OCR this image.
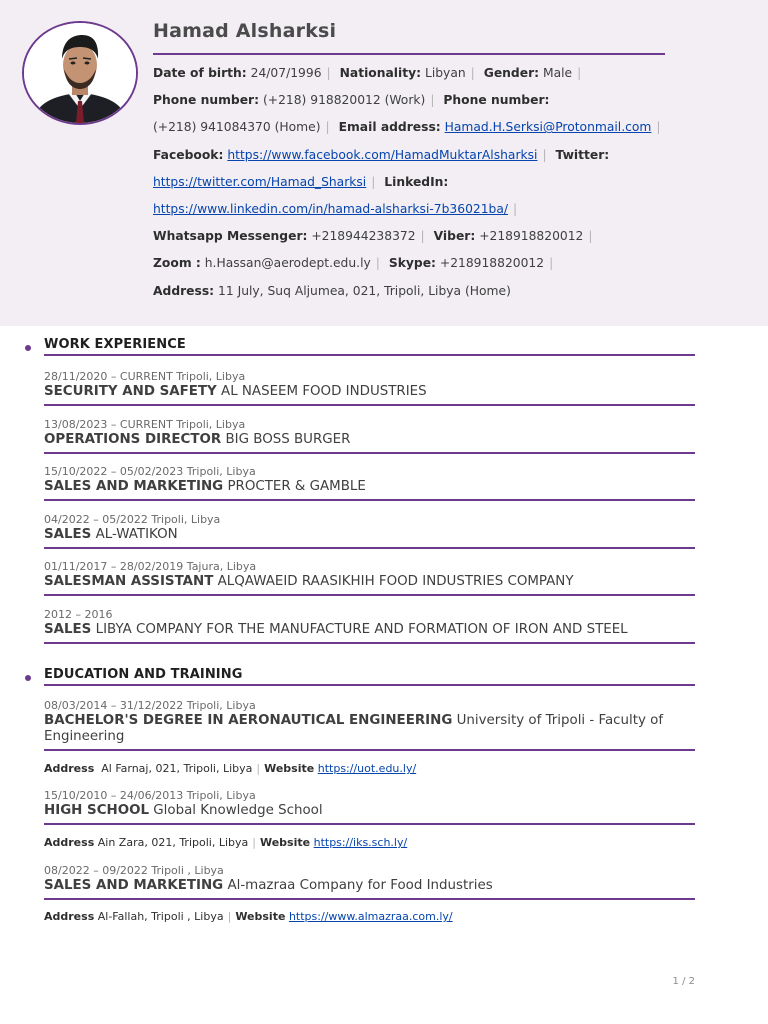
Hamad Alsharksi
Date of birth: 24/07/1996 | Nationality: Libyan | Gender: Male |
Phone number: (+218) 918820012 (Work) | Phone number:
(+218) 941084370 (Home) | Email address: Hamad.H.Serksi@Protonmail.com |
Facebook: https://www.facebook.com/HamadMuktarAlsharksi | Twitter:
https://twitter.com/Hamad_Sharksi | LinkedIn:
https://www.linkedin.com/in/hamad-alsharksi-7b36021ba/ |
Whatsapp Messenger: +218944238372 | Viber: +218918820012 |
Zoom : h.Hassan@aerodept.edu.ly | Skype: +218918820012 |
Address: 11 July, Suq Aljumea, 021, Tripoli, Libya (Home)
WORK EXPERIENCE
28/11/2020 – CURRENT Tripoli, Libya
SECURITY AND SAFETY AL NASEEM FOOD INDUSTRIES
13/08/2023 – CURRENT Tripoli, Libya
OPERATIONS DIRECTOR BIG BOSS BURGER
15/10/2022 – 05/02/2023 Tripoli, Libya
SALES AND MARKETING PROCTER & GAMBLE
04/2022 – 05/2022 Tripoli, Libya
SALES AL-WATIKON
01/11/2017 – 28/02/2019 Tajura, Libya
SALESMAN ASSISTANT ALQAWAEID RAASIKHIH FOOD INDUSTRIES COMPANY
2012 – 2016
SALES LIBYA COMPANY FOR THE MANUFACTURE AND FORMATION OF IRON AND STEEL
EDUCATION AND TRAINING
08/03/2014 – 31/12/2022 Tripoli, Libya
BACHELOR'S DEGREE IN AERONAUTICAL ENGINEERING University of Tripoli - Faculty of Engineering
Address Al Farnaj, 021, Tripoli, Libya | Website https://uot.edu.ly/
15/10/2010 – 24/06/2013 Tripoli, Libya
HIGH SCHOOL Global Knowledge School
Address Ain Zara, 021, Tripoli, Libya | Website https://iks.sch.ly/
08/2022 – 09/2022 Tripoli , Libya
SALES AND MARKETING Al-mazraa Company for Food Industries
Address Al-Fallah, Tripoli , Libya | Website https://www.almazraa.com.ly/
1 / 2
